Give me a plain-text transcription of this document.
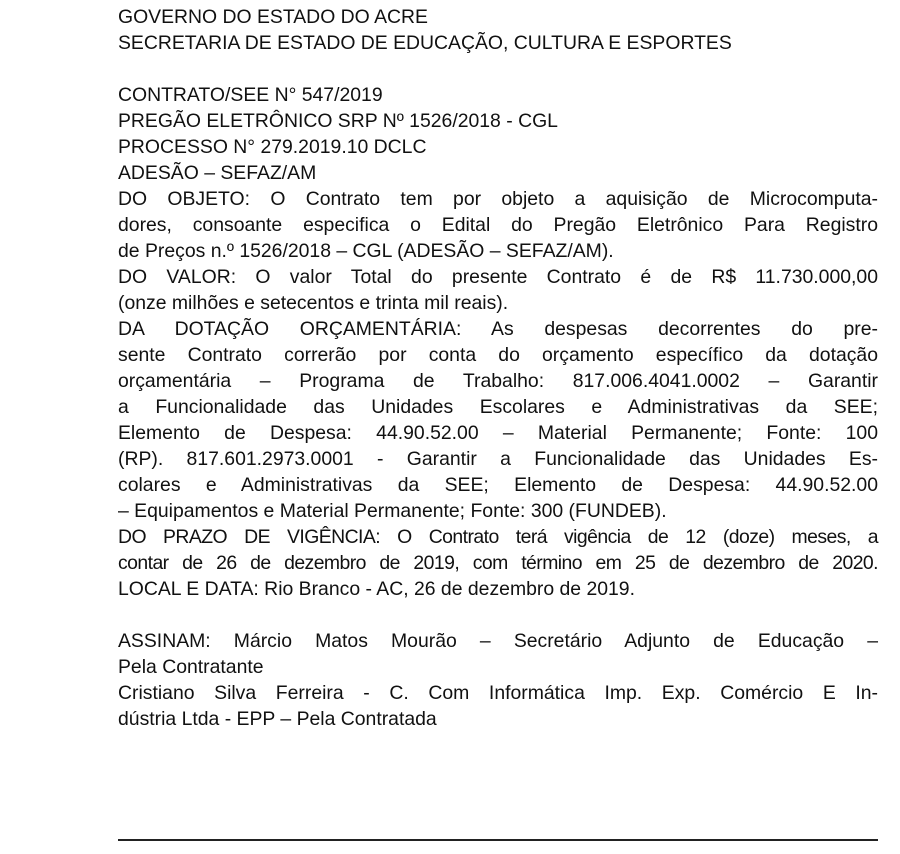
GOVERNO DO ESTADO DO ACRE
SECRETARIA DE ESTADO DE EDUCAÇÃO, CULTURA E ESPORTES
CONTRATO/SEE N° 547/2019
PREGÃO ELETRÔNICO SRP Nº 1526/2018 - CGL
PROCESSO N° 279.2019.10 DCLC
ADESÃO – SEFAZ/AM
DO OBJETO: O Contrato tem por objeto a aquisição de Microcomputa-
dores, consoante especifica o Edital do Pregão Eletrônico Para Registro
de Preços n.º 1526/2018 – CGL (ADESÃO – SEFAZ/AM).
DO VALOR: O valor Total do presente Contrato é de R$ 11.730.000,00
(onze milhões e setecentos e trinta mil reais).
DA DOTAÇÃO ORÇAMENTÁRIA: As despesas decorrentes do pre-
sente Contrato correrão por conta do orçamento específico da dotação
orçamentária – Programa de Trabalho: 817.006.4041.0002 – Garantir
a Funcionalidade das Unidades Escolares e Administrativas da SEE;
Elemento de Despesa: 44.90.52.00 – Material Permanente; Fonte: 100
(RP). 817.601.2973.0001 - Garantir a Funcionalidade das Unidades Es-
colares e Administrativas da SEE; Elemento de Despesa: 44.90.52.00
– Equipamentos e Material Permanente; Fonte: 300 (FUNDEB).
DO PRAZO DE VIGÊNCIA: O Contrato terá vigência de 12 (doze) meses, a
contar de 26 de dezembro de 2019, com término em 25 de dezembro de 2020.
LOCAL E DATA: Rio Branco - AC, 26 de dezembro de 2019.
ASSINAM: Márcio Matos Mourão – Secretário Adjunto de Educação –
Pela Contratante
Cristiano Silva Ferreira - C. Com Informática Imp. Exp. Comércio E In-
dústria Ltda - EPP – Pela Contratada
